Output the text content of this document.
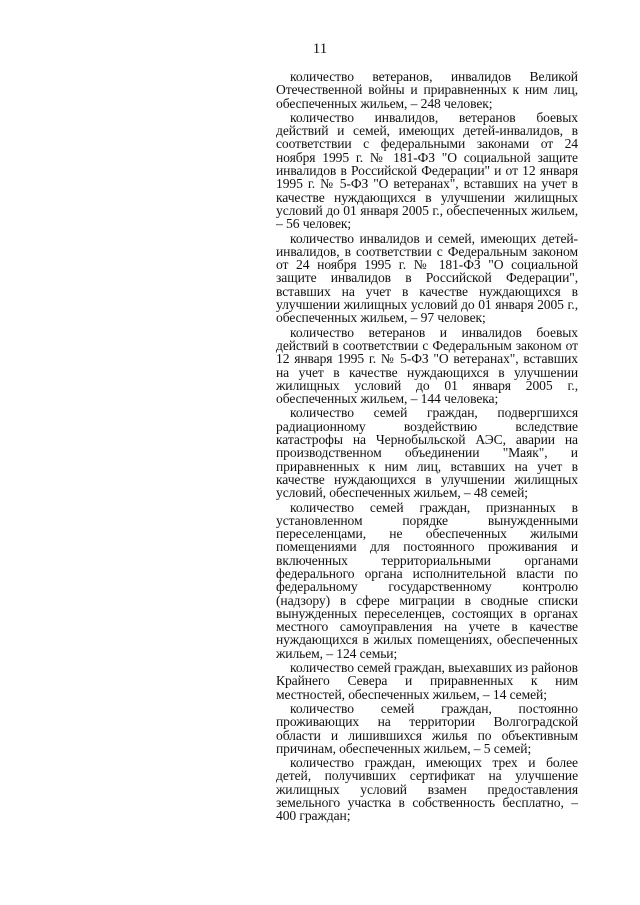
11

количество ветеранов, инвалидов Великой Отечественной войны и приравненных к ним лиц, обеспеченных жильем, – 248 человек;

количество инвалидов, ветеранов боевых действий и семей, имеющих детей-инвалидов, в соответствии с федеральными законами от 24 ноября 1995 г. № 181-ФЗ "О социальной защите инвалидов в Российской Федерации" и от 12 января 1995 г. № 5-ФЗ "О ветеранах", вставших на учет в качестве нуждающихся в улучшении жилищных условий до 01 января 2005 г., обеспеченных жильем, – 56 человек;

количество инвалидов и семей, имеющих детей-инвалидов, в соответствии с Федеральным законом от 24 ноября 1995 г. № 181-ФЗ "О социальной защите инвалидов в Российской Федерации", вставших на учет в качестве нуждающихся в улучшении жилищных условий до 01 января 2005 г., обеспеченных жильем, – 97 человек;

количество ветеранов и инвалидов боевых действий в соответствии с Федеральным законом от 12 января 1995 г. № 5-ФЗ "О ветеранах", вставших на учет в качестве нуждающихся в улучшении жилищных условий до 01 января 2005 г., обеспеченных жильем, – 144 человека;

количество семей граждан, подвергшихся радиационному воздействию вследствие катастрофы на Чернобыльской АЭС, аварии на производственном объединении "Маяк", и приравненных к ним лиц, вставших на учет в качестве нуждающихся в улучшении жилищных условий, обеспеченных жильем, – 48 семей;

количество семей граждан, признанных в установленном порядке вынужденными переселенцами, не обеспеченных жилыми помещениями для постоянного проживания и включенных территориальными органами федерального органа исполнительной власти по федеральному государственному контролю (надзору) в сфере миграции в сводные списки вынужденных переселенцев, состоящих в органах местного самоуправления на учете в качестве нуждающихся в жилых помещениях, обеспеченных жильем, – 124 семьи;

количество семей граждан, выехавших из районов Крайнего Севера и приравненных к ним местностей, обеспеченных жильем, – 14 семей;

количество семей граждан, постоянно проживающих на территории Волгоградской области и лишившихся жилья по объективным причинам, обеспеченных жильем, – 5 семей;

количество граждан, имеющих трех и более детей, получивших сертификат на улучшение жилищных условий взамен предоставления земельного участка в собственность бесплатно, – 400 граждан;
